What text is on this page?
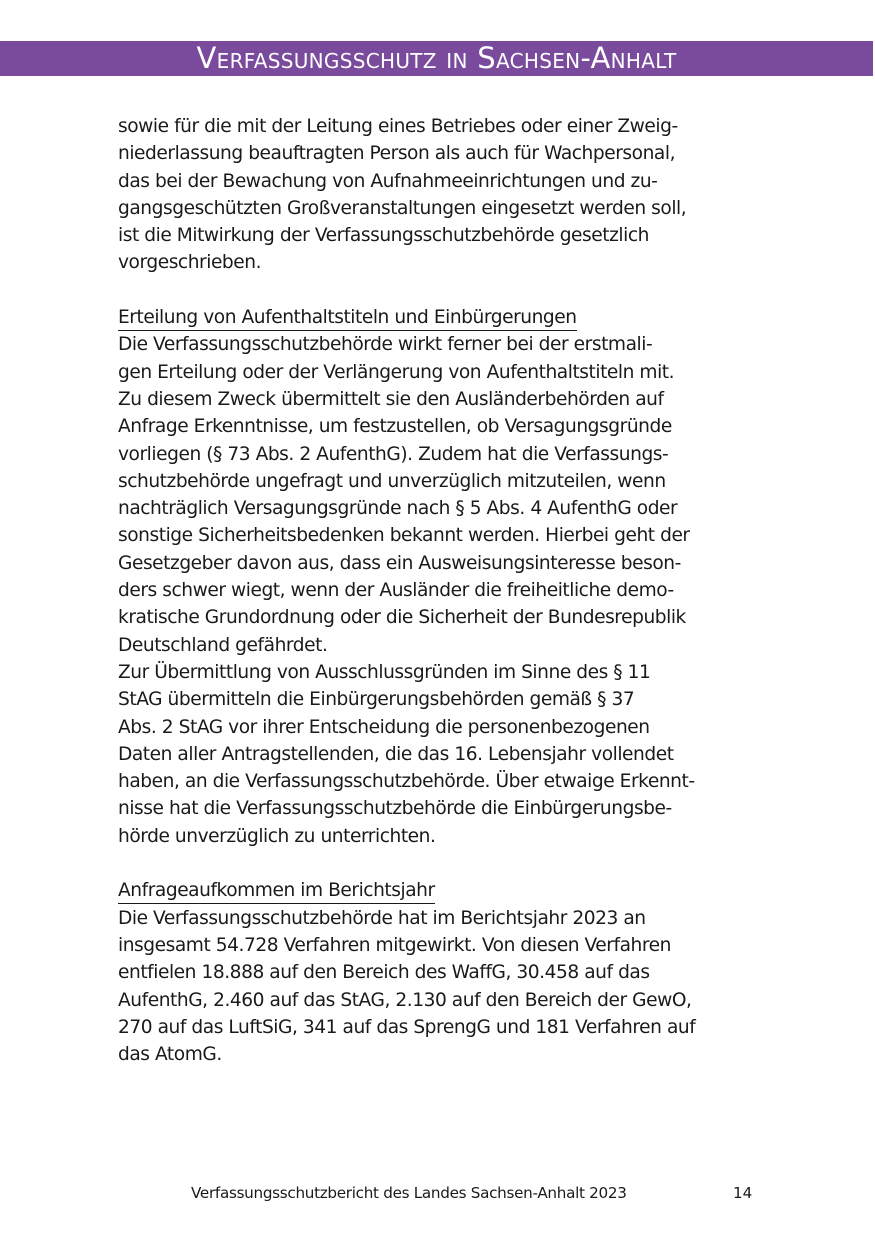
Verfassungsschutz in Sachsen-Anhalt
sowie für die mit der Leitung eines Betriebes oder einer Zweig-
niederlassung beauftragten Person als auch für Wachpersonal,
das bei der Bewachung von Aufnahmeeinrichtungen und zu-
gangsgeschützten Großveranstaltungen eingesetzt werden soll,
ist die Mitwirkung der Verfassungsschutzbehörde gesetzlich
vorgeschrieben.
Erteilung von Aufenthaltstiteln und Einbürgerungen
Die Verfassungsschutzbehörde wirkt ferner bei der erstmali-
gen Erteilung oder der Verlängerung von Aufenthaltstiteln mit.
Zu diesem Zweck übermittelt sie den Ausländerbehörden auf
Anfrage Erkenntnisse, um festzustellen, ob Versagungsgründe
vorliegen (§ 73 Abs. 2 AufenthG). Zudem hat die Verfassungs-
schutzbehörde ungefragt und unverzüglich mitzuteilen, wenn
nachträglich Versagungsgründe nach § 5 Abs. 4 AufenthG oder
sonstige Sicherheitsbedenken bekannt werden. Hierbei geht der
Gesetzgeber davon aus, dass ein Ausweisungsinteresse beson-
ders schwer wiegt, wenn der Ausländer die freiheitliche demo-
kratische Grundordnung oder die Sicherheit der Bundesrepublik
Deutschland gefährdet.
Zur Übermittlung von Ausschlussgründen im Sinne des § 11
StAG übermitteln die Einbürgerungsbehörden gemäß § 37
Abs. 2 StAG vor ihrer Entscheidung die personenbezogenen
Daten aller Antragstellenden, die das 16. Lebensjahr vollendet
haben, an die Verfassungsschutzbehörde. Über etwaige Erkennt-
nisse hat die Verfassungsschutzbehörde die Einbürgerungsbe-
hörde unverzüglich zu unterrichten.
Anfrageaufkommen im Berichtsjahr
Die Verfassungsschutzbehörde hat im Berichtsjahr 2023 an
insgesamt 54.728 Verfahren mitgewirkt. Von diesen Verfahren
entfielen 18.888 auf den Bereich des WaffG, 30.458 auf das
AufenthG, 2.460 auf das StAG, 2.130 auf den Bereich der GewO,
270 auf das LuftSiG, 341 auf das SprengG und 181 Verfahren auf
das AtomG.
Verfassungsschutzbericht des Landes Sachsen-Anhalt 2023	14
